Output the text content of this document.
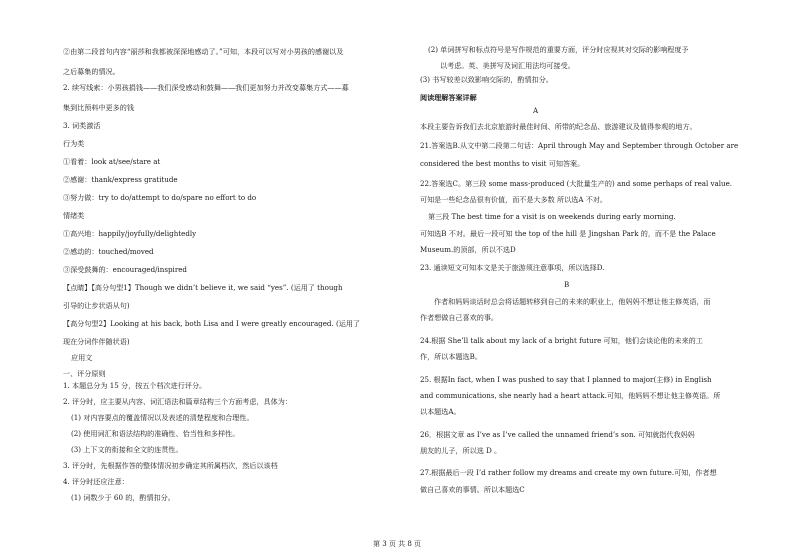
②由第二段首句内容“丽莎和我都被深深地感动了。”可知，本段可以写对小男孩的感谢以及
之后募集的情况。
2. 续写线索：小男孩捐钱——我们深受感动和鼓舞——我们更加努力并改变募集方式——募
集到比预料中更多的钱
3. 词类激活
行为类
①看着：look at/see/stare at
②感谢：thank/express gratitude
③努力做：try to do/attempt to do/spare no effort to do
情绪类
①高兴地：happily/joyfully/delightedly
②感动的：touched/moved
③深受鼓舞的：encouraged/inspired
【点睛】【高分句型1】Though we didn’t believe it, we said “yes”. (运用了 though
引导的让步状语从句)
【高分句型2】Looking at his back, both Lisa and I were greatly encouraged. (运用了
现在分词作伴随状语)
应用文
一、评分原则
1. 本题总分为 15 分，按五个档次进行评分。
2. 评分时，应主要从内容、词汇语法和篇章结构三个方面考虑，具体为：
(1) 对内容要点的覆盖情况以及表述的清楚程度和合理性。
(2) 使用词汇和语法结构的准确性、恰当性和多样性。
(3) 上下文的衔接和全文的连贯性。
3. 评分时，先根据作答的整体情况初步确定其所属档次，然后以该档
4. 评分时还应注意：
(1) 词数少于 60 的，酌情扣分。
(2) 单词拼写和标点符号是写作规范的重要方面，评分时应视其对交际的影响程度予
以考虑。英、美拼写及词汇用法均可接受。
(3) 书写较差以致影响交际的，酌情扣分。
阅读理解答案详解
A
本段主要告诉我们去北京旅游时最佳时间、所带的纪念品、旅游建议及值得参观的地方。
21.答案选B.从文中第二段第二句话：April through May and September through October are
considered the best months to visit 可知答案。
22.答案选C。第三段 some mass-produced (大批量生产的) and some perhaps of real value.
可知是一些纪念品很有价值，而不是大多数 所以选A 不对。
第三段 The best time for a visit is on weekends during early morning.
可知选B 不对。最后一段可知 the top of the hill 是 Jingshan Park 的，而不是 the Palace
Museum.的顶部，所以不选D
23. 通读短文可知本文是关于旅游须注意事项，所以选择D.
B
作者和妈妈谈话时总会将话题转移到自己的未来的职业上，他妈妈不想让他主修英语，而
作者想做自己喜欢的事。
24.根据 She’ll talk about my lack of a bright future 可知，他们会谈论他的未来的工
作，所以本题选B。
25. 根据In fact, when I was pushed to say that I planned to major(主修) in English
and communications, she nearly had a heart attack.可知，他妈妈不想让他主修英语。所
以本题选A。
26．根据文章 as I’ve as I’ve called the unnamed friend’s son. 可知就指代我妈妈
朋友的儿子，所以选 D 。
27.根据最后一段 I’d rather follow my dreams and create my own future.可知，作者想
做自己喜欢的事情。所以本题选C
第 3 页 共 8 页
